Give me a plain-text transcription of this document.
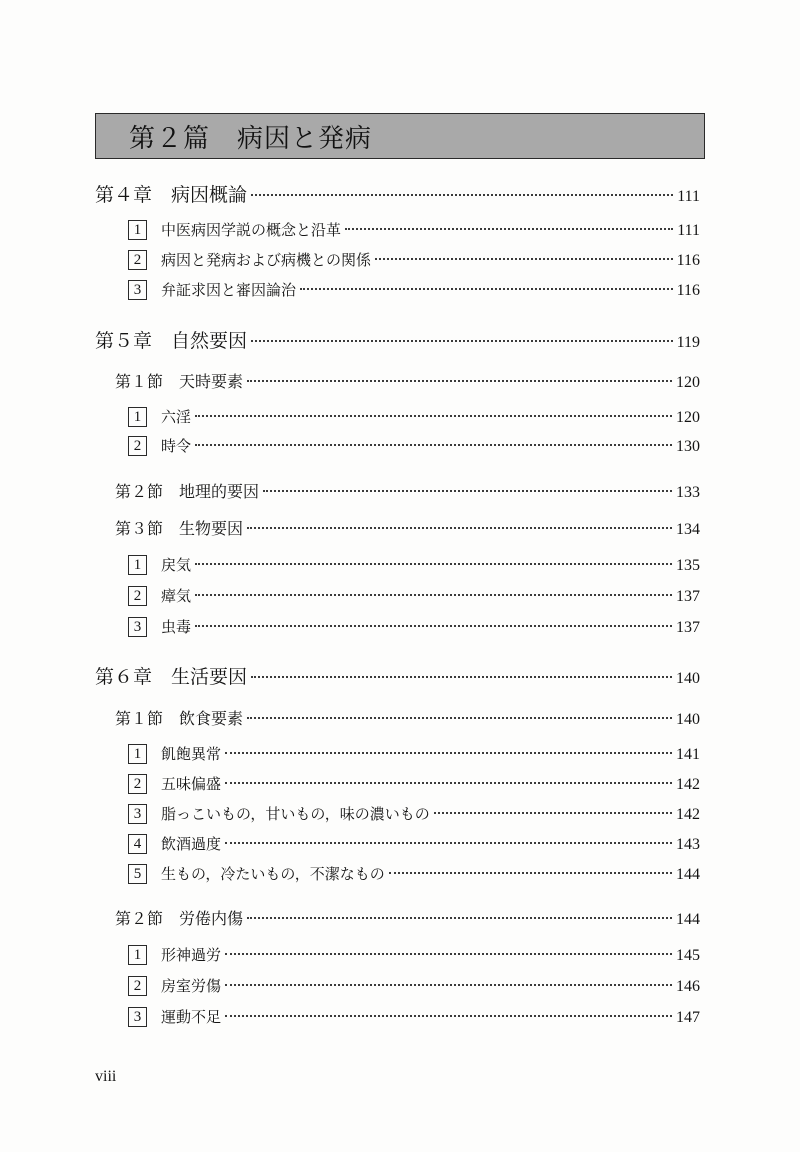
第２篇　病因と発病
第４章　病因概論	111
1	中医病因学説の概念と沿革	111
2	病因と発病および病機との関係	116
3	弁証求因と審因論治	116
第５章　自然要因	119
第１節　天時要素	120
1	六淫	120
2	時令	130
第２節　地理的要因	133
第３節　生物要因	134
1	戻気	135
2	瘴気	137
3	虫毒	137
第６章　生活要因	140
第１節　飲食要素	140
1	飢飽異常	141
2	五味偏盛	142
3	脂っこいもの，甘いもの，味の濃いもの	142
4	飲酒過度	143
5	生もの，冷たいもの，不潔なもの	144
第２節　労倦内傷	144
1	形神過労	145
2	房室労傷	146
3	運動不足	147
viii
